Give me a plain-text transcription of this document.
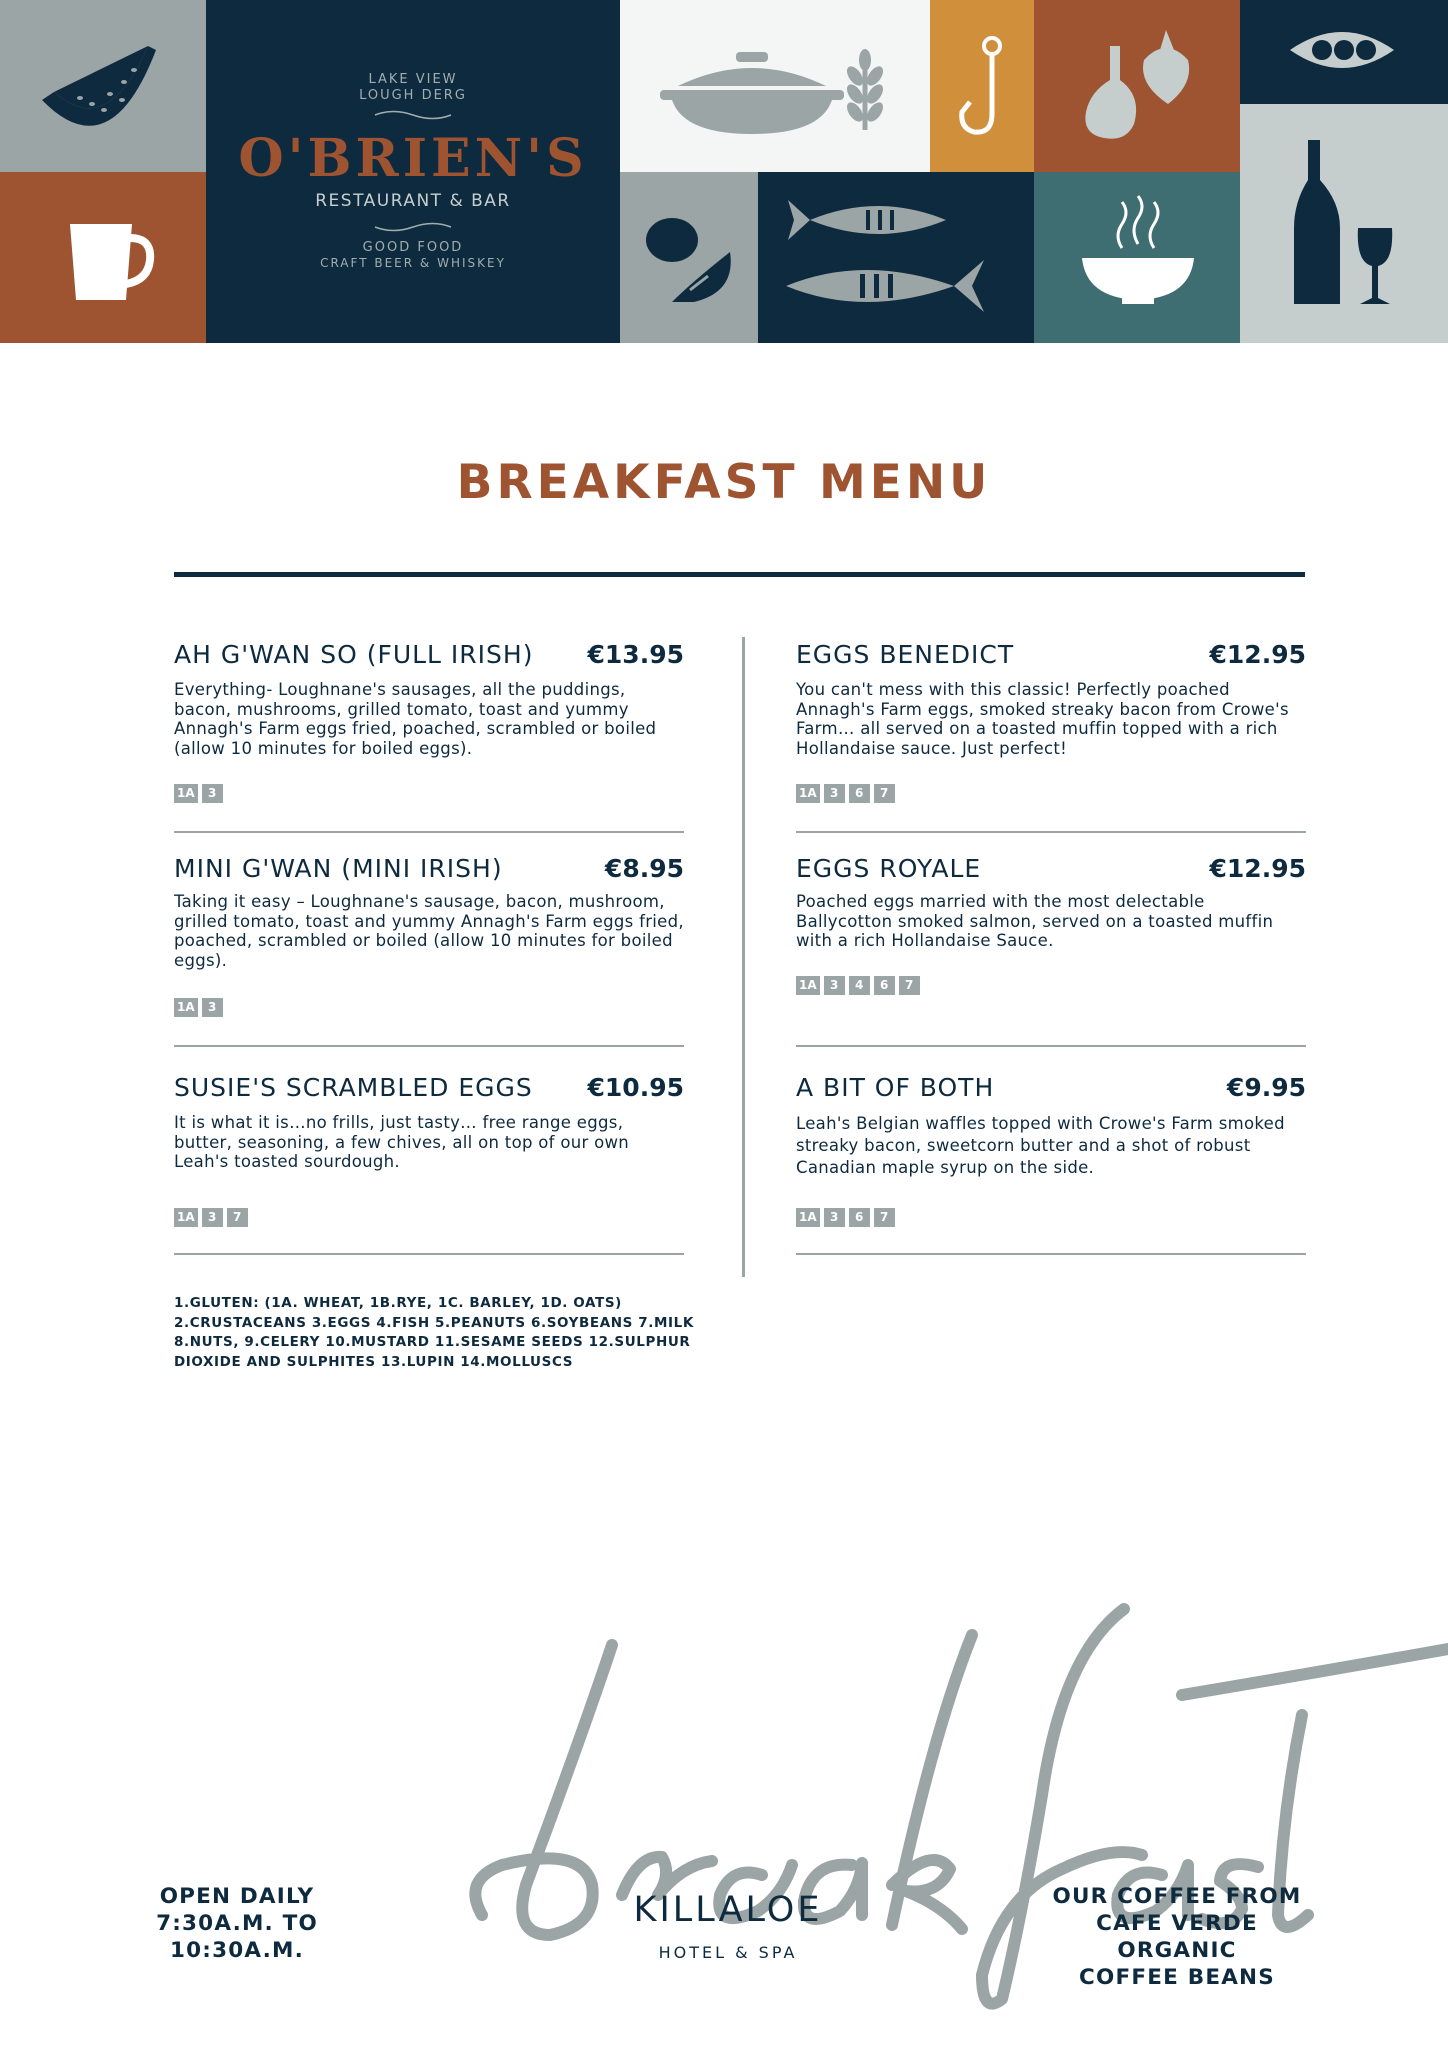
LAKE VIEW
LOUGH DERG
O'BRIEN'S
RESTAURANT & BAR
GOOD FOOD
CRAFT BEER & WHISKEY
BREAKFAST MENU
AH G'WAN SO (FULL IRISH) €13.95
Everything- Loughnane's sausages, all the puddings, bacon, mushrooms, grilled tomato, toast and yummy Annagh's Farm eggs fried, poached, scrambled or boiled (allow 10 minutes for boiled eggs).
1A	3
MINI G'WAN (MINI IRISH)	€8.95
Taking it easy – Loughnane's sausage, bacon, mushroom, grilled tomato, toast and yummy Annagh's Farm eggs fried, poached, scrambled or boiled (allow 10 minutes for boiled eggs).
1A	3
SUSIE'S SCRAMBLED EGGS €10.95
It is what it is…no frills, just tasty… free range eggs, butter, seasoning, a few chives, all on top of our own Leah's toasted sourdough.
1A	3	7
EGGS BENEDICT	€12.95
You can't mess with this classic! Perfectly poached Annagh's Farm eggs, smoked streaky bacon from Crowe's Farm… all served on a toasted muffin topped with a rich Hollandaise sauce. Just perfect!
1A	3	6	7
EGGS ROYALE	€12.95
Poached eggs married with the most delectable Ballycotton smoked salmon, served on a toasted muffin with a rich Hollandaise Sauce.
1A	3	4	6	7
A BIT OF BOTH	€9.95
Leah's Belgian waffles topped with Crowe's Farm smoked streaky bacon, sweetcorn butter and a shot of robust Canadian maple syrup on the side.
1A	3	6	7
1.GLUTEN: (1A. WHEAT, 1B.RYE, 1C. BARLEY, 1D. OATS)
2.CRUSTACEANS 3.EGGS 4.FISH 5.PEANUTS 6.SOYBEANS 7.MILK
8.NUTS, 9.CELERY 10.MUSTARD 11.SESAME SEEDS 12.SULPHUR
DIOXIDE AND SULPHITES 13.LUPIN 14.MOLLUSCS
OPEN DAILY
7:30A.M. TO
10:30A.M.
KILLALOE
HOTEL & SPA
OUR COFFEE FROM
CAFE VERDE ORGANIC
COFFEE BEANS
